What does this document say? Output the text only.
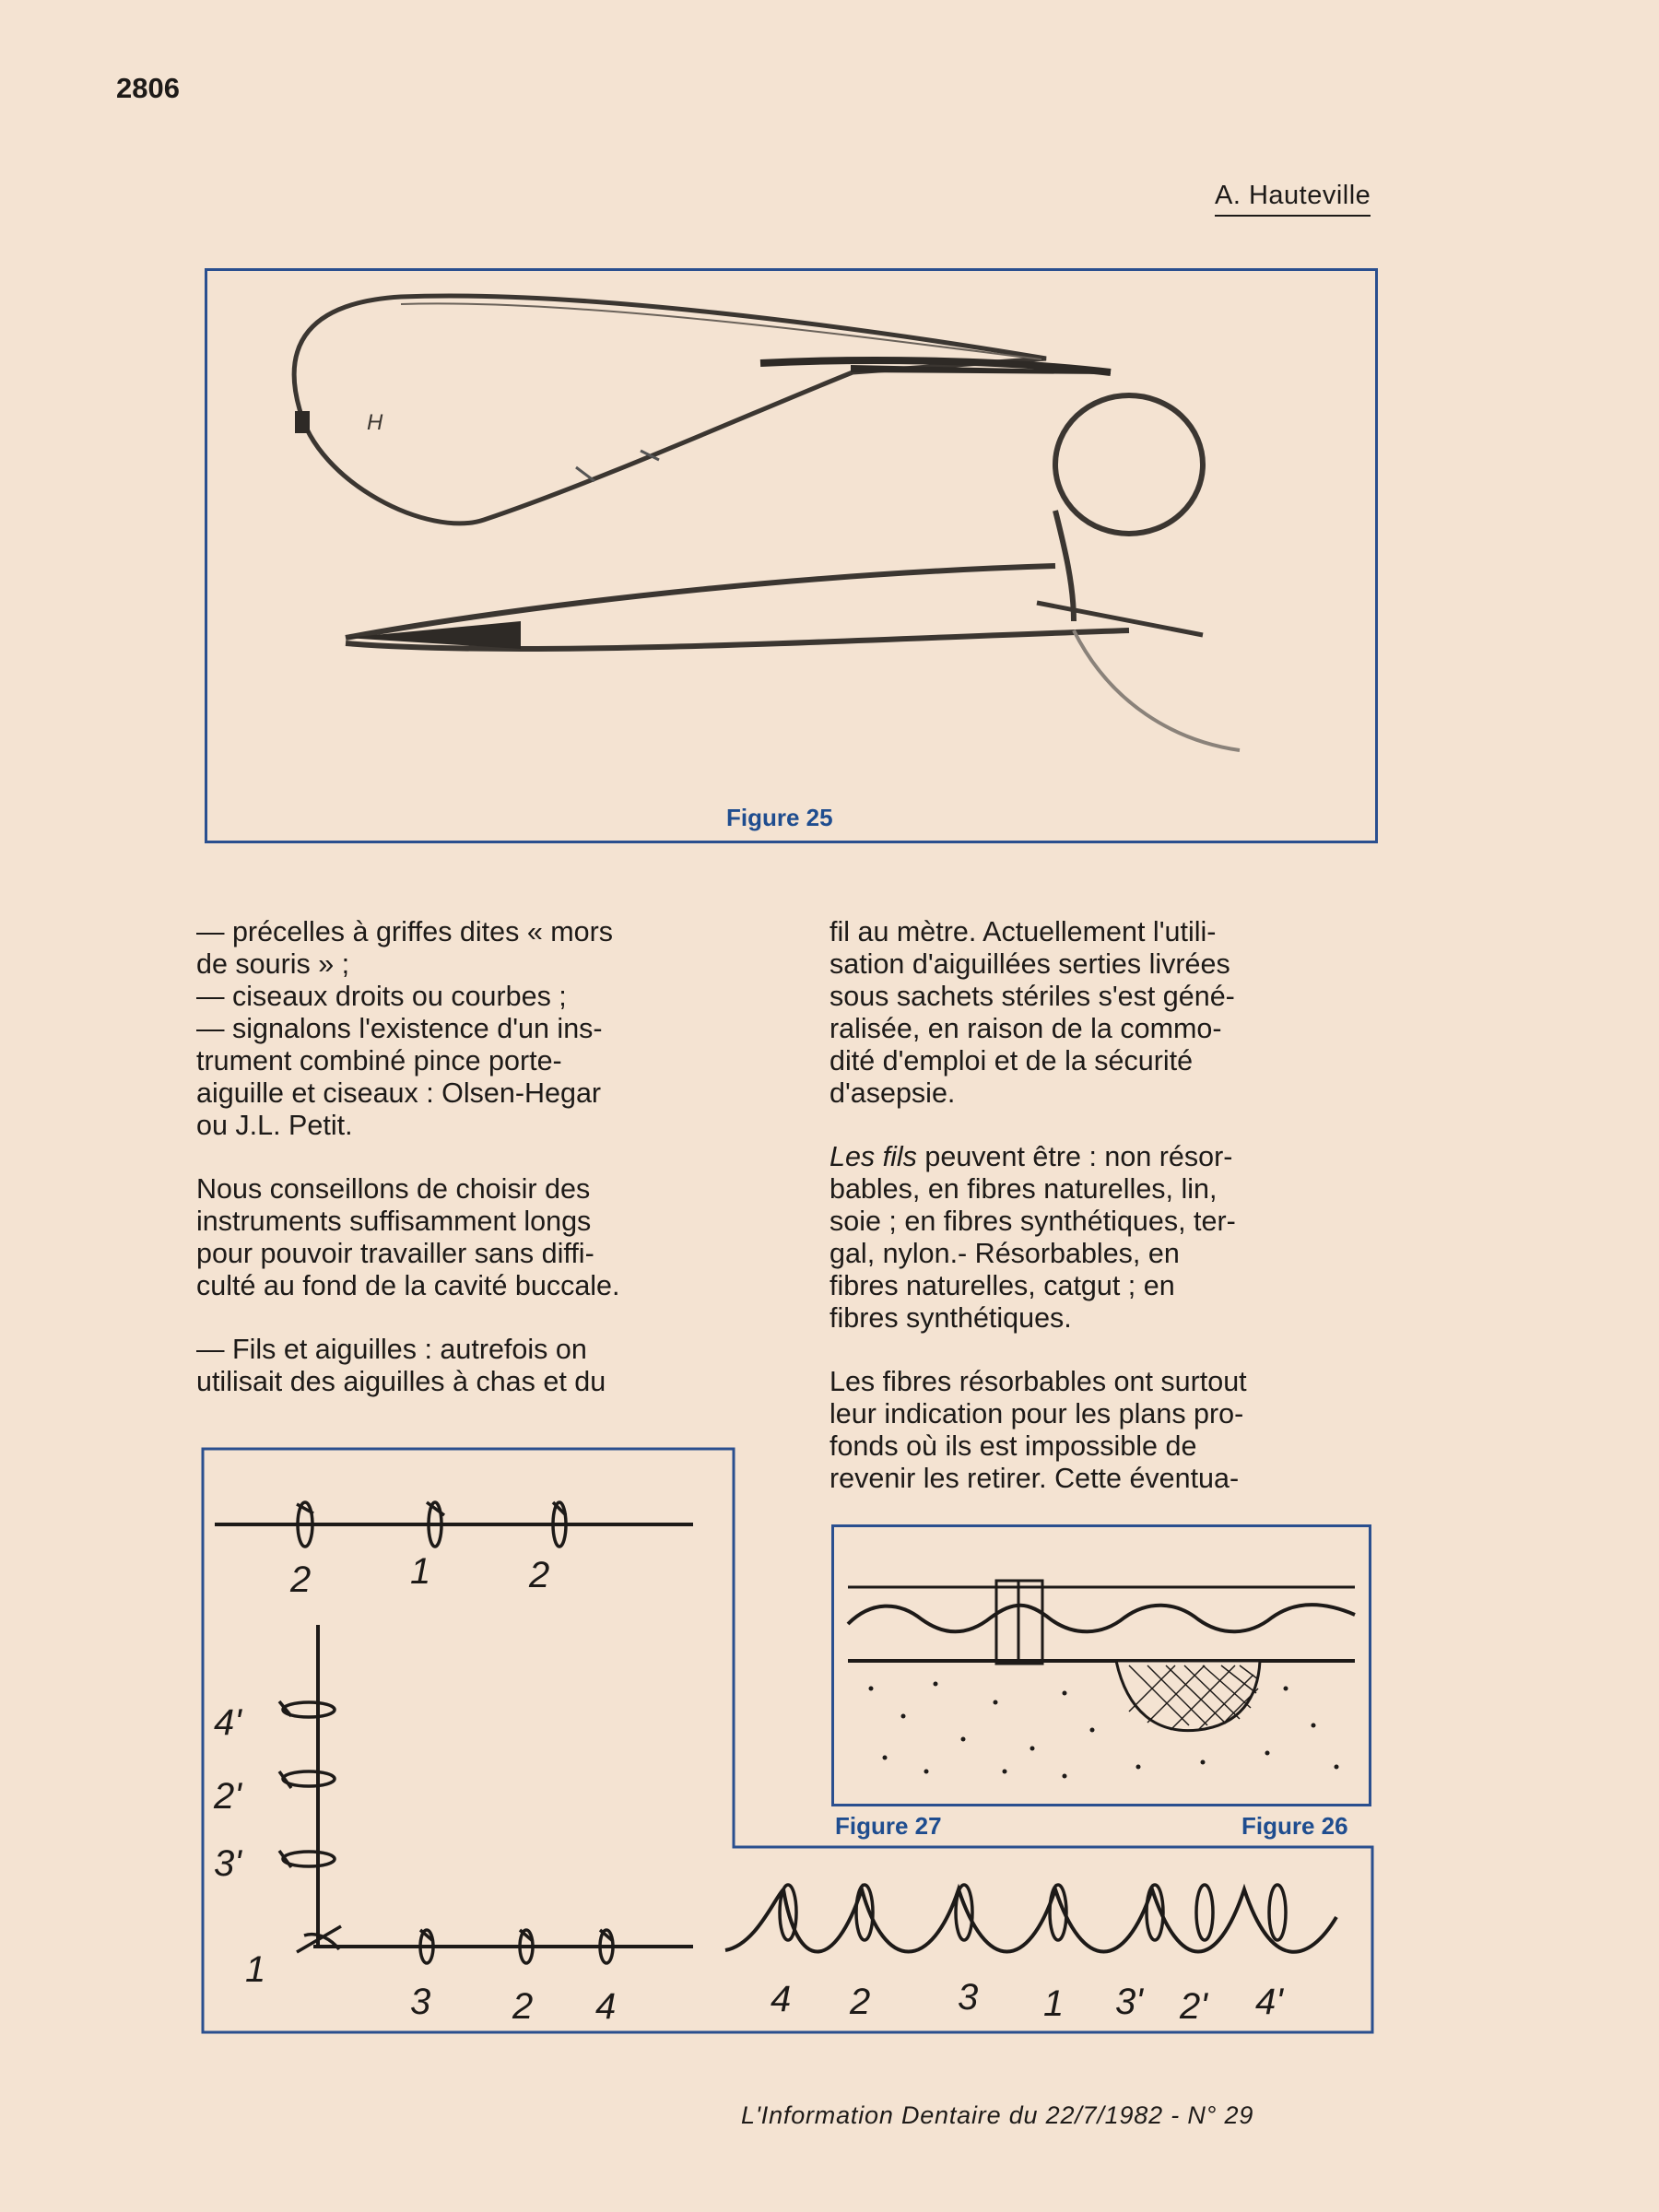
2806
A. Hauteville
H
Figure 25

— précelles à griffes dites « mors
de souris » ;
— ciseaux droits ou courbes ;
— signalons l'existence d'un ins-
trument combiné pince porte-
aiguille et ciseaux : Olsen-Hegar
ou J.L. Petit.

Nous conseillons de choisir des
instruments suffisamment longs
pour pouvoir travailler sans diffi-
culté au fond de la cavité buccale.

— Fils et aiguilles : autrefois on
utilisait des aiguilles à chas et du

fil au mètre. Actuellement l'utili-
sation d'aiguillées serties livrées
sous sachets stériles s'est géné-
ralisée, en raison de la commo-
dité d'emploi et de la sécurité
d'asepsie.

Les fils peuvent être : non résor-
bables, en fibres naturelles, lin,
soie ; en fibres synthétiques, ter-
gal, nylon.- Résorbables, en
fibres naturelles, catgut ; en
fibres synthétiques.

Les fibres résorbables ont surtout
leur indication pour les plans pro-
fonds où ils est impossible de
revenir les retirer. Cette éventua-

2	1	2
4'
2'
3'
1
3 2 4	4 2 3 1 3' 2' 4'
Figure 26
Figure 27
L'Information Dentaire du 22/7/1982 - N° 29
